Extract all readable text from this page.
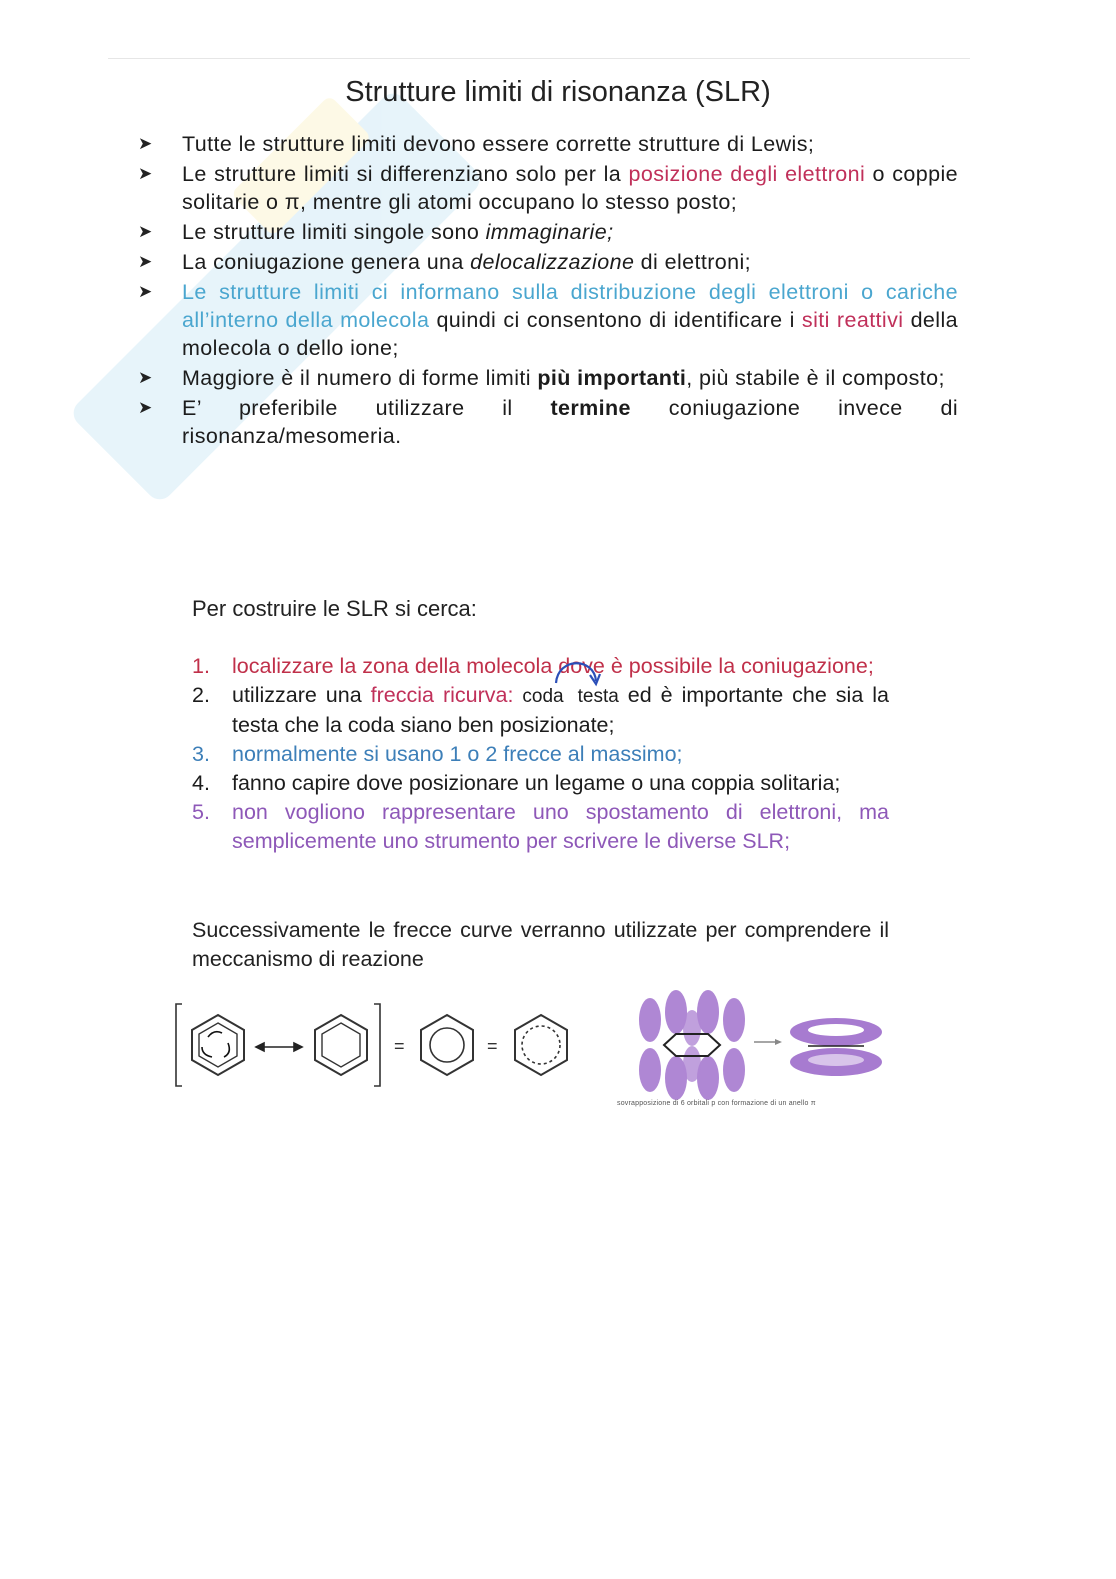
Strutture limiti di risonanza (SLR)
➤	Tutte le strutture limiti devono essere corrette strutture di Lewis;
➤	Le strutture limiti si differenziano solo per la posizione degli elettroni o coppie solitarie o π, mentre gli atomi occupano lo stesso posto;
➤	Le strutture limiti singole sono immaginarie;
➤	La coniugazione genera una delocalizzazione di elettroni;
➤	Le strutture limiti ci informano sulla distribuzione degli elettroni o cariche all’interno della molecola quindi ci consentono di identificare i siti reattivi della molecola o dello ione;
➤	Maggiore è il numero di forme limiti più importanti, più stabile è il composto;
➤	E’ preferibile utilizzare il termine coniugazione invece di risonanza/mesomeria.
Per costruire le SLR si cerca:
1.	localizzare la zona della molecola dove è possibile la coniugazione;
2.	utilizzare una freccia ricurva: coda testa ed è importante che sia la testa che la coda siano ben posizionate;
3.	normalmente si usano 1 o 2 frecce al massimo;
4.	fanno capire dove posizionare un legame o una coppia solitaria;
5.	non vogliono rappresentare uno spostamento di elettroni, ma semplicemente uno strumento per scrivere le diverse SLR;
Successivamente le frecce curve verranno utilizzate per comprendere il meccanismo di reazione
=	=
sovrapposizione di 6 orbitali p con formazione di un anello π
